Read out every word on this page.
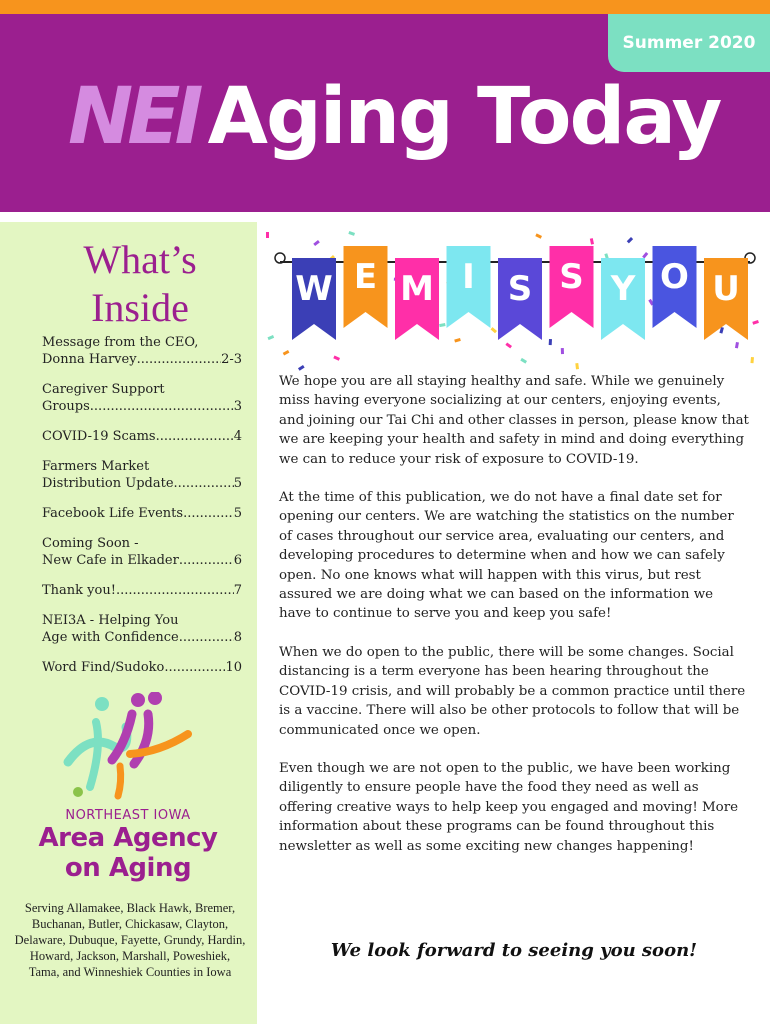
Summer 2020
NEI Aging Today
What’s
Inside
Message from the CEO,
Donna Harvey .....	2-3
Caregiver Support
Groups .....	3
COVID-19 Scams .....	4
Farmers Market
Distribution Update .....	5
Facebook Life Events .....	5
Coming Soon -
New Cafe in Elkader .....	6
Thank you! .....	7
NEI3A - Helping You
Age with Confidence .....	8
Word Find/Sudoko .....	10
NORTHEAST IOWA
Area Agency
on Aging
Serving Allamakee, Black Hawk, Bremer, Buchanan, Butler, Chickasaw, Clayton, Delaware, Dubuque, Fayette, Grundy, Hardin, Howard, Jackson, Marshall, Poweshiek, Tama, and Winneshiek Counties in Iowa
W E M I S S Y O U

We hope you are all staying healthy and safe. While we genuinely miss having everyone socializing at our centers, enjoying events, and joining our Tai Chi and other classes in person, please know that we are keeping your health and safety in mind and doing everything we can to reduce your risk of exposure to COVID-19.

At the time of this publication, we do not have a final date set for opening our centers. We are watching the statistics on the number of cases throughout our service area, evaluating our centers, and developing procedures to determine when and how we can safely open. No one knows what will happen with this virus, but rest assured we are doing what we can based on the information we have to continue to serve you and keep you safe!

When we do open to the public, there will be some changes. Social distancing is a term everyone has been hearing throughout the COVID-19 crisis, and will probably be a common practice until there is a vaccine. There will also be other protocols to follow that will be communicated once we open.

Even though we are not open to the public, we have been working diligently to ensure people have the food they need as well as offering creative ways to help keep you engaged and moving! More information about these programs can be found throughout this newsletter as well as some exciting new changes happening!

We look forward to seeing you soon!
